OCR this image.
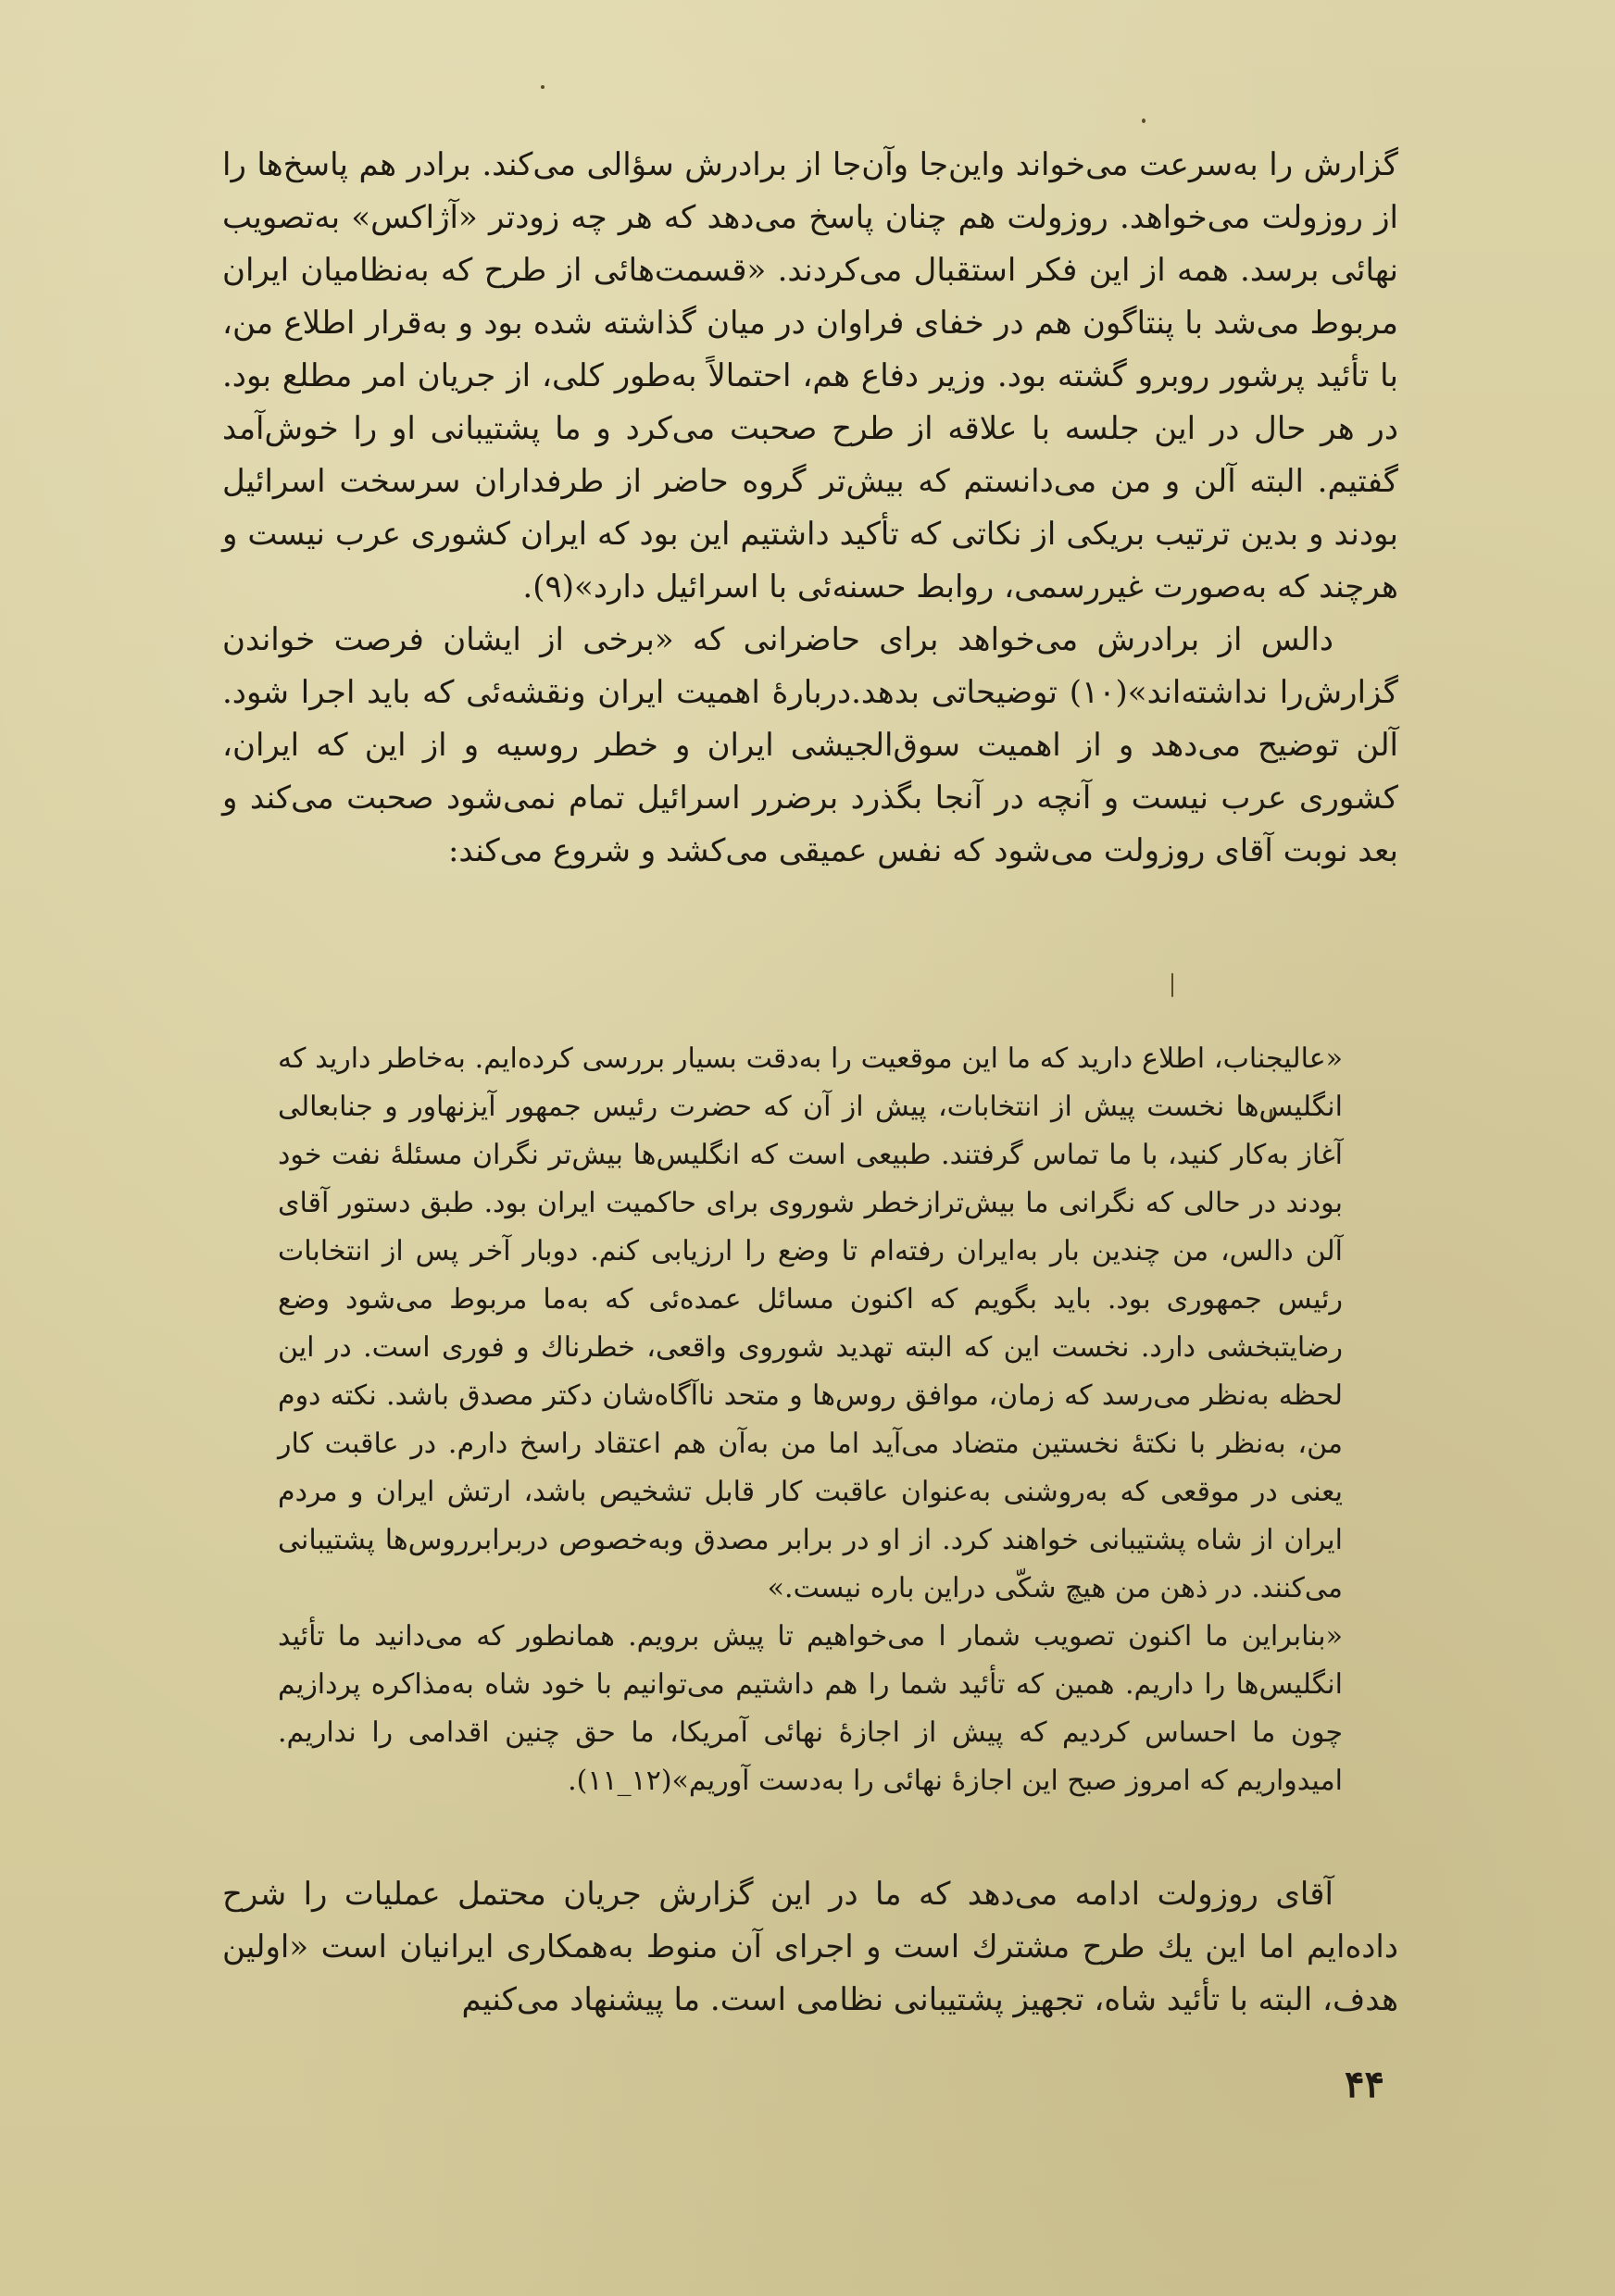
گزارش را به‌سرعت می‌خواند واین‌جا وآن‌جا از برادرش سؤالی می‌کند. برادر هم پاسخ‌ها را از روزولت می‌خواهد. روزولت هم چنان پاسخ می‌دهد که هر چه زودتر «آژاکس» به‌تصویب نهائی برسد. همه از این فکر استقبال می‌کردند. «قسمت‌هائی از طرح که به‌نظامیان ایران مربوط می‌شد با پنتاگون هم در خفای فراوان در میان گذاشته شده بود و به‌قرار اطلاع من، با تأئید پرشور روبرو گشته بود. وزیر دفاع هم، احتمالاً به‌طور کلی، از جریان امر مطلع بود. در هر حال در این جلسه با علاقه از طرح صحبت می‌کرد و ما پشتیبانی او را خوش‌آمد گفتیم. البته آلن و من می‌دانستم که بیش‌تر گروه حاضر از طرفداران سرسخت اسرائیل بودند و بدین ترتیب بریکی از نکاتی که تأکید داشتیم این بود که ایران کشوری عرب نیست و هرچند که به‌صورت غیررسمی، روابط حسنه‌ئی با اسرائیل دارد»(۹).

دالس از برادرش می‌خواهد برای حاضرانی که «برخی از ایشان فرصت خواندن گزارش‌را نداشته‌اند»(۱۰) توضیحاتی بدهد.دربارهٔ اهمیت ایران ونقشه‌ئی که باید اجرا شود. آلن توضیح می‌دهد و از اهمیت سوق‌الجیشی ایران و خطر روسیه و از این که ایران، کشوری عرب نیست و آنچه در آنجا بگذرد برضرر اسرائیل تمام نمی‌شود صحبت می‌کند و بعد نوبت آقای روزولت می‌شود که نفس عمیقی می‌کشد و شروع می‌کند:

«عالیجناب، اطلاع دارید که ما این موقعیت را به‌دقت بسیار بررسی کرده‌ایم. به‌خاطر دارید که انگلیس‌ها نخست پیش از انتخابات، پیش از آن که حضرت رئیس جمهور آیزنهاور و جنابعالی آغاز به‌کار کنید، با ما تماس گرفتند. طبیعی است که انگلیس‌ها بیش‌تر نگران مسئلهٔ نفت خود بودند در حالی که نگرانی ما بیش‌ترازخطر شوروی برای حاکمیت ایران بود. طبق دستور آقای آلن دالس، من چندین بار به‌ایران رفته‌ام تا وضع را ارزیابی کنم. دوبار آخر پس از انتخابات رئیس جمهوری بود. باید بگویم که اکنون مسائل عمده‌ئی که به‌ما مربوط می‌شود وضع رضایتبخشی دارد. نخست این که البته تهدید شوروی واقعی، خطرناك و فوری است. در این لحظه به‌نظر می‌رسد که زمان، موافق روس‌ها و متحد ناآگاه‌شان دکتر مصدق باشد. نکته دوم من، به‌نظر با نکتهٔ نخستین متضاد می‌آید اما من به‌آن هم اعتقاد راسخ دارم. در عاقبت کار یعنی در موقعی که به‌روشنی به‌عنوان عاقبت کار قابل تشخیص باشد، ارتش ایران و مردم ایران از شاه پشتیبانی خواهند کرد. از او در برابر مصدق وبه‌خصوص دربرابرروس‌ها پشتیبانی می‌کنند. در ذهن من هیچ شکّی دراین باره نیست.»

«بنابراین ما اکنون تصویب شمار ا می‌خواهیم تا پیش برویم. همانطور که می‌دانید ما تأئید انگلیس‌ها را داریم. همین که تأئید شما را هم داشتیم می‌توانیم با خود شاه به‌مذاکره پردازیم چون ما احساس کردیم که پیش از اجازهٔ نهائی آمریکا، ما حق چنین اقدامی را نداریم. امیدواریم که امروز صبح این اجازهٔ نهائی را به‌دست آوریم»(۱۲_۱۱).

آقای روزولت ادامه می‌دهد که ما در این گزارش جریان محتمل عملیات را شرح داده‌ایم اما این یك طرح مشترك است و اجرای آن منوط به‌همکاری ایرانیان است «اولین هدف، البته با تأئید شاه، تجهیز پشتیبانی نظامی است. ما پیشنهاد می‌کنیم

۴۴
